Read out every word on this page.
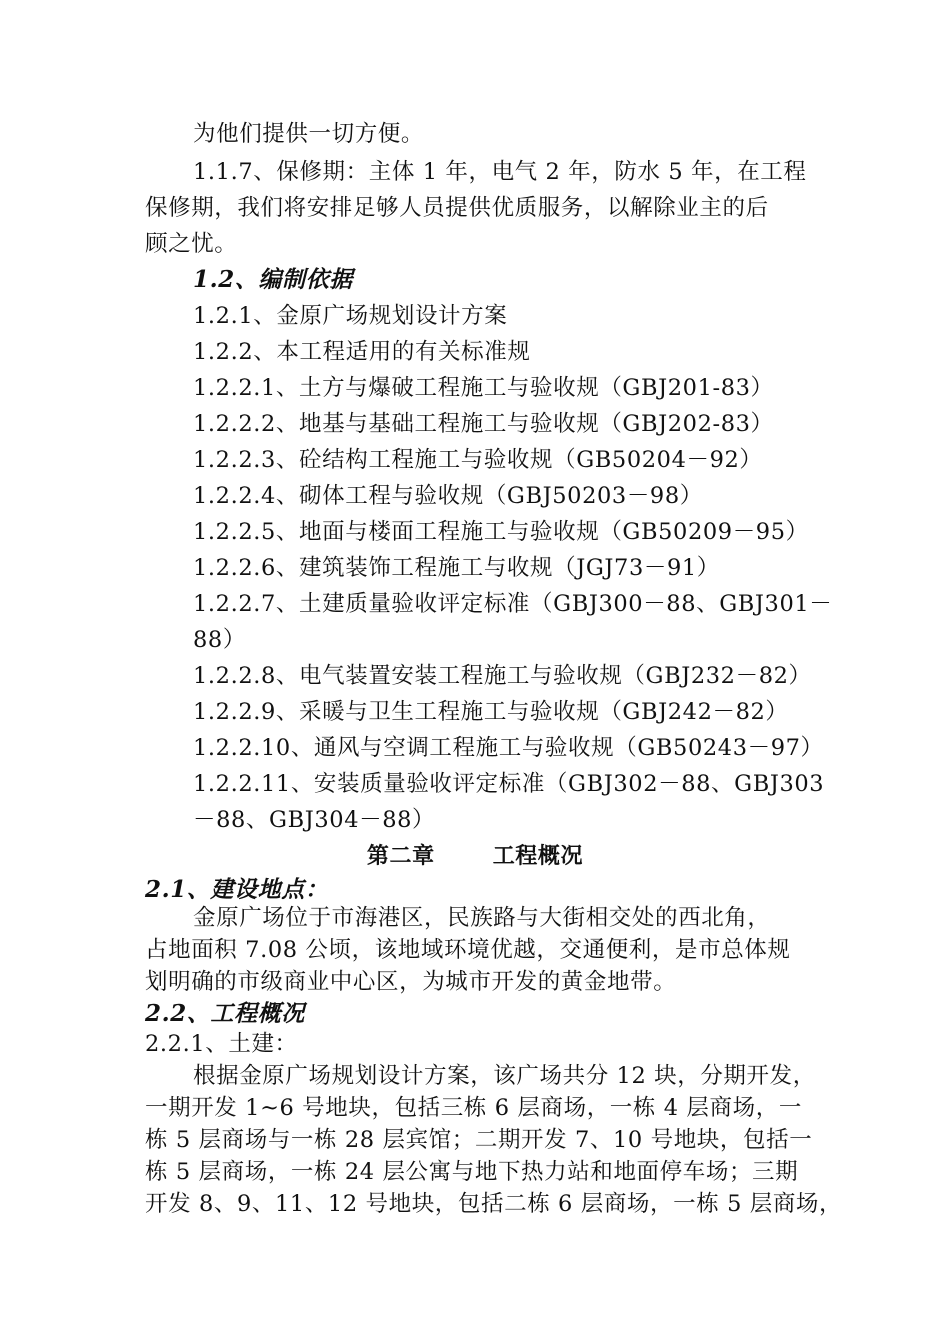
为他们提供一切方便。
1.1.7、保修期：主体 1 年，电气 2 年，防水 5 年，在工程
保修期，我们将安排足够人员提供优质服务，以解除业主的后
顾之忧。
1.2、编制依据
1.2.1、金原广场规划设计方案
1.2.2、本工程适用的有关标准规
1.2.2.1、土方与爆破工程施工与验收规（GBJ201-83）
1.2.2.2、地基与基础工程施工与验收规（GBJ202-83）
1.2.2.3、砼结构工程施工与验收规（GB50204－92）
1.2.2.4、砌体工程与验收规（GBJ50203－98）
1.2.2.5、地面与楼面工程施工与验收规（GB50209－95）
1.2.2.6、建筑装饰工程施工与收规（JGJ73－91）
1.2.2.7、土建质量验收评定标准（GBJ300－88、GBJ301－
88）
1.2.2.8、电气装置安装工程施工与验收规（GBJ232－82）
1.2.2.9、采暖与卫生工程施工与验收规（GBJ242－82）
1.2.2.10、通风与空调工程施工与验收规（GB50243－97）
1.2.2.11、安装质量验收评定标准（GBJ302－88、GBJ303
－88、GBJ304－88）
第二章	工程概况
2.1、建设地点：
金原广场位于市海港区，民族路与大街相交处的西北角，
占地面积 7.08 公顷，该地域环境优越，交通便利，是市总体规
划明确的市级商业中心区，为城市开发的黄金地带。
2.2、工程概况
2.2.1、土建：
根据金原广场规划设计方案，该广场共分 12 块，分期开发，
一期开发 1~6 号地块，包括三栋 6 层商场，一栋 4 层商场，一
栋 5 层商场与一栋 28 层宾馆；二期开发 7、10 号地块，包括一
栋 5 层商场，一栋 24 层公寓与地下热力站和地面停车场；三期
开发 8、9、11、12 号地块，包括二栋 6 层商场，一栋 5 层商场，
